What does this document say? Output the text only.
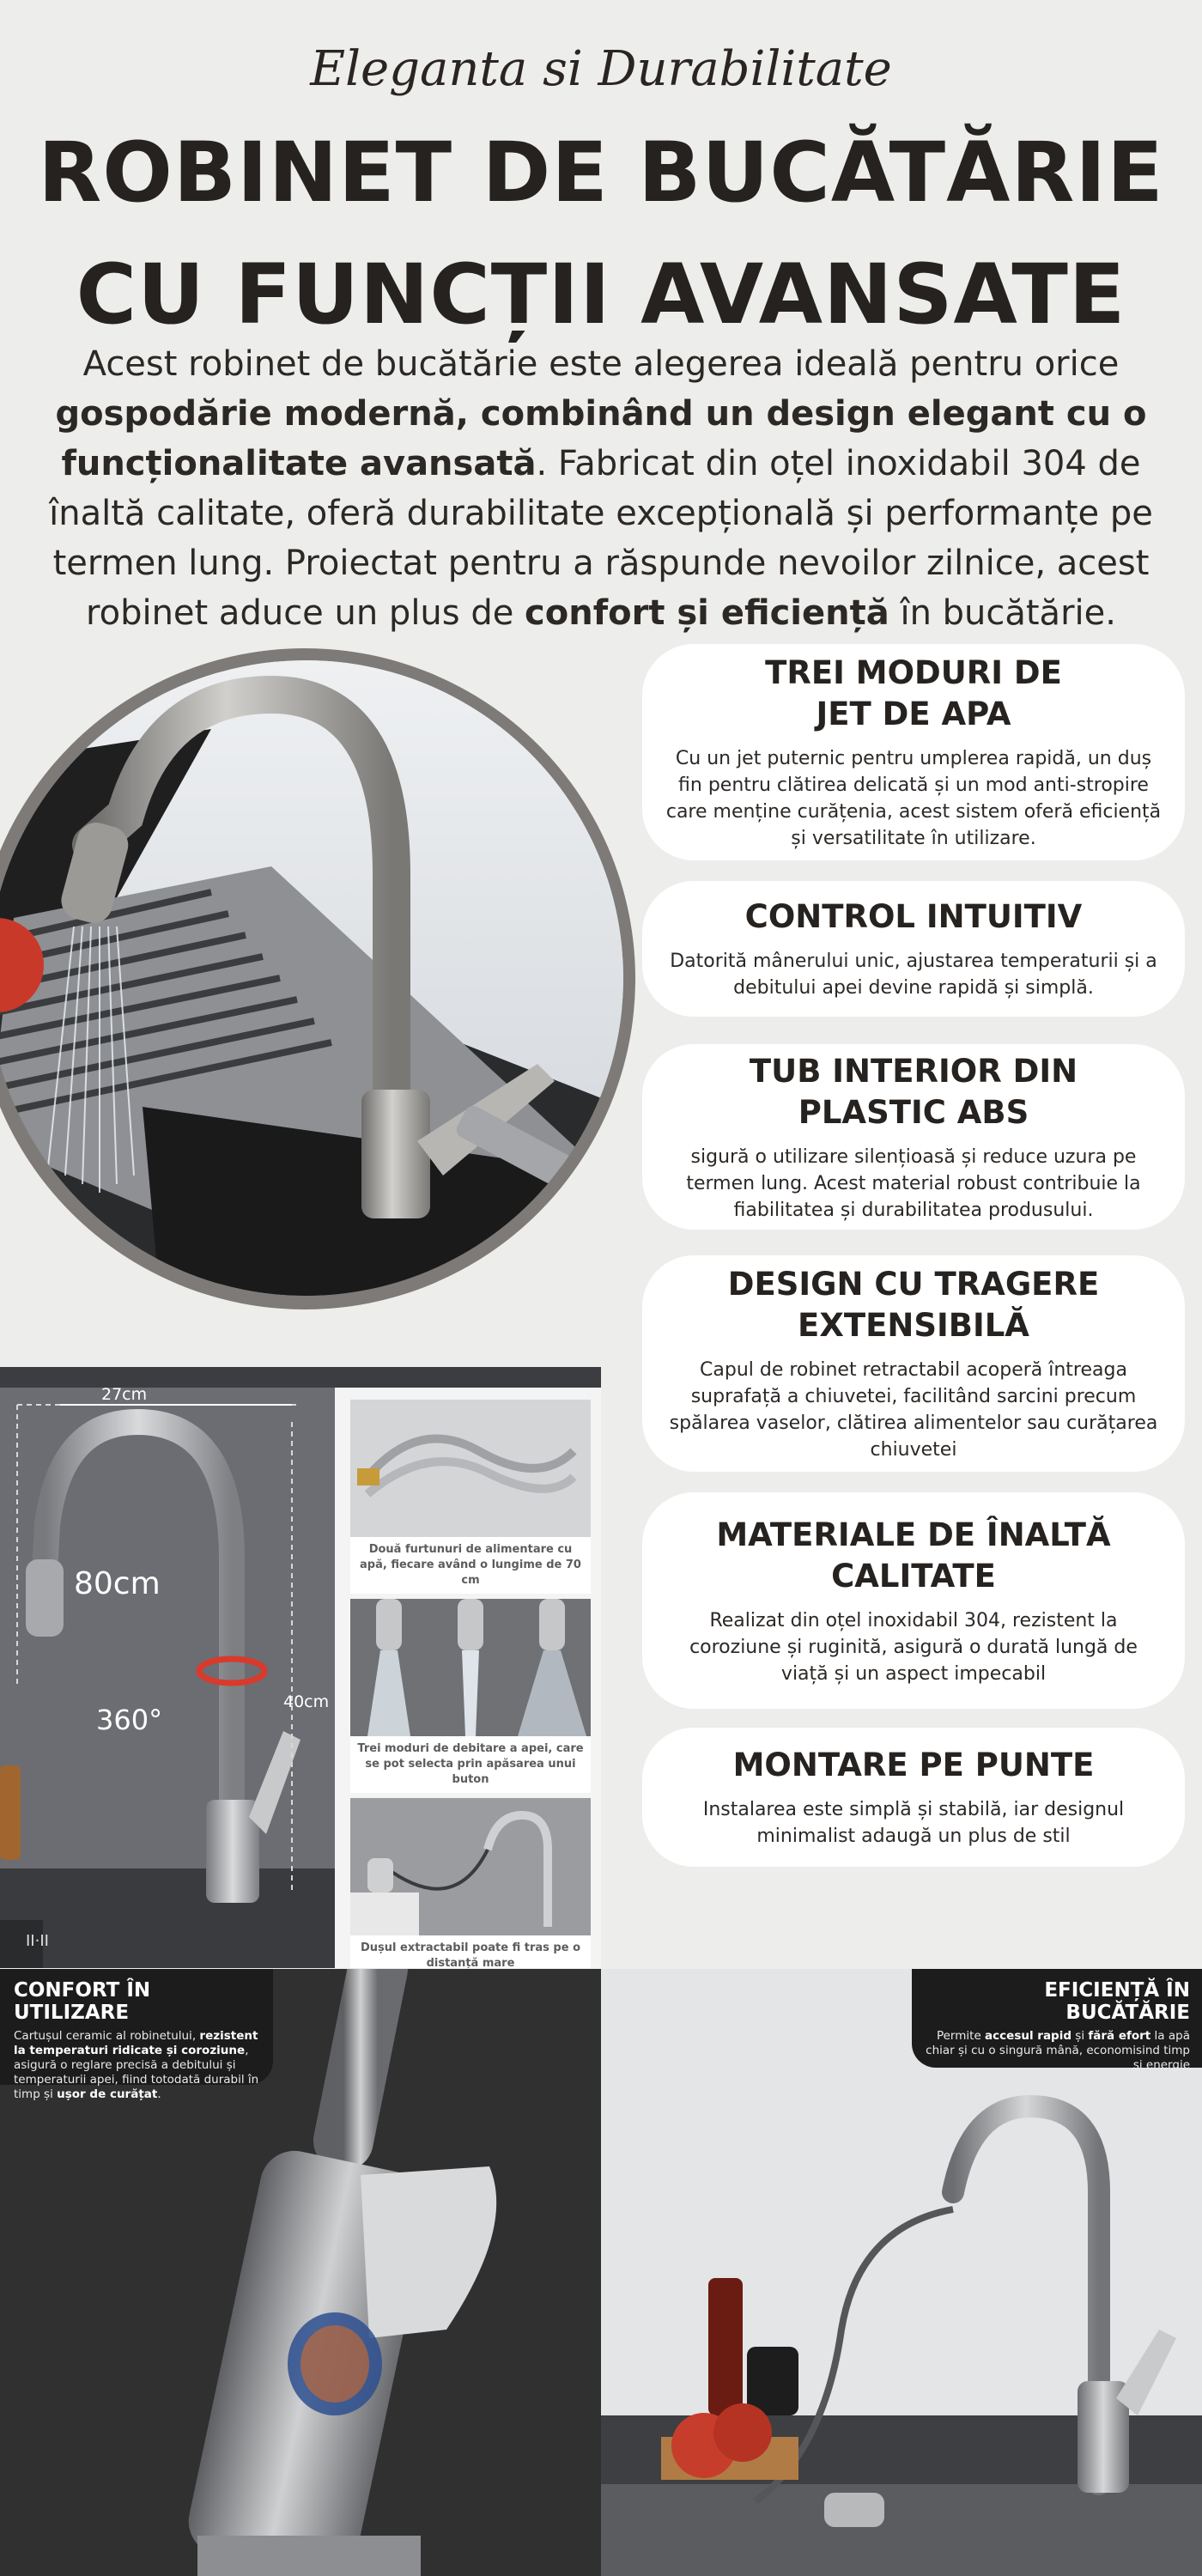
Eleganta si Durabilitate
ROBINET DE BUCĂTĂRIE
CU FUNCȚII AVANSATE

Acest robinet de bucătărie este alegerea ideală pentru orice gospodărie modernă, combinând un design elegant cu o funcționalitate avansată. Fabricat din oțel inoxidabil 304 de înaltă calitate, oferă durabilitate excepțională și performanțe pe termen lung. Proiectat pentru a răspunde nevoilor zilnice, acest robinet aduce un plus de confort și eficiență în bucătărie.

TREI MODURI DE JET DE APA
Cu un jet puternic pentru umplerea rapidă, un duș fin pentru clătirea delicată și un mod anti-stropire care menține curățenia, acest sistem oferă eficiență și versatilitate în utilizare.
CONTROL INTUITIV
Datorită mânerului unic, ajustarea temperaturii și a debitului apei devine rapidă și simplă.
TUB INTERIOR DIN PLASTIC ABS
sigură o utilizare silențioasă și reduce uzura pe termen lung. Acest material robust contribuie la fiabilitatea și durabilitatea produsului.
DESIGN CU TRAGERE EXTENSIBILĂ
Capul de robinet retractabil acoperă întreaga suprafață a chiuvetei, facilitând sarcini precum spălarea vaselor, clătirea alimentelor sau curățarea chiuvetei
MATERIALE DE ÎNALTĂ CALITATE
Realizat din oțel inoxidabil 304, rezistent la coroziune și ruginită, asigură o durată lungă de viață și un aspect impecabil
MONTARE PE PUNTE
Instalarea este simplă și stabilă, iar designul minimalist adaugă un plus de stil
27cm
40cm
80cm
360°
II·II
Două furtunuri de alimentare cu apă, fiecare având o lungime de 70 cm
Trei moduri de debitare a apei, care se pot selecta prin apăsarea unui buton
Dușul extractabil poate fi tras pe o distanță mare
CONFORT ÎN UTILIZARE
Cartușul ceramic al robinetului, rezistent la temperaturi ridicate și coroziune, asigură o reglare precisă a debitului și temperaturii apei, fiind totodată durabil în timp și ușor de curățat.
EFICIENȚĂ ÎN BUCĂTĂRIE
Permite accesul rapid și fără efort la apă chiar și cu o singură mână, economisind timp și energie
